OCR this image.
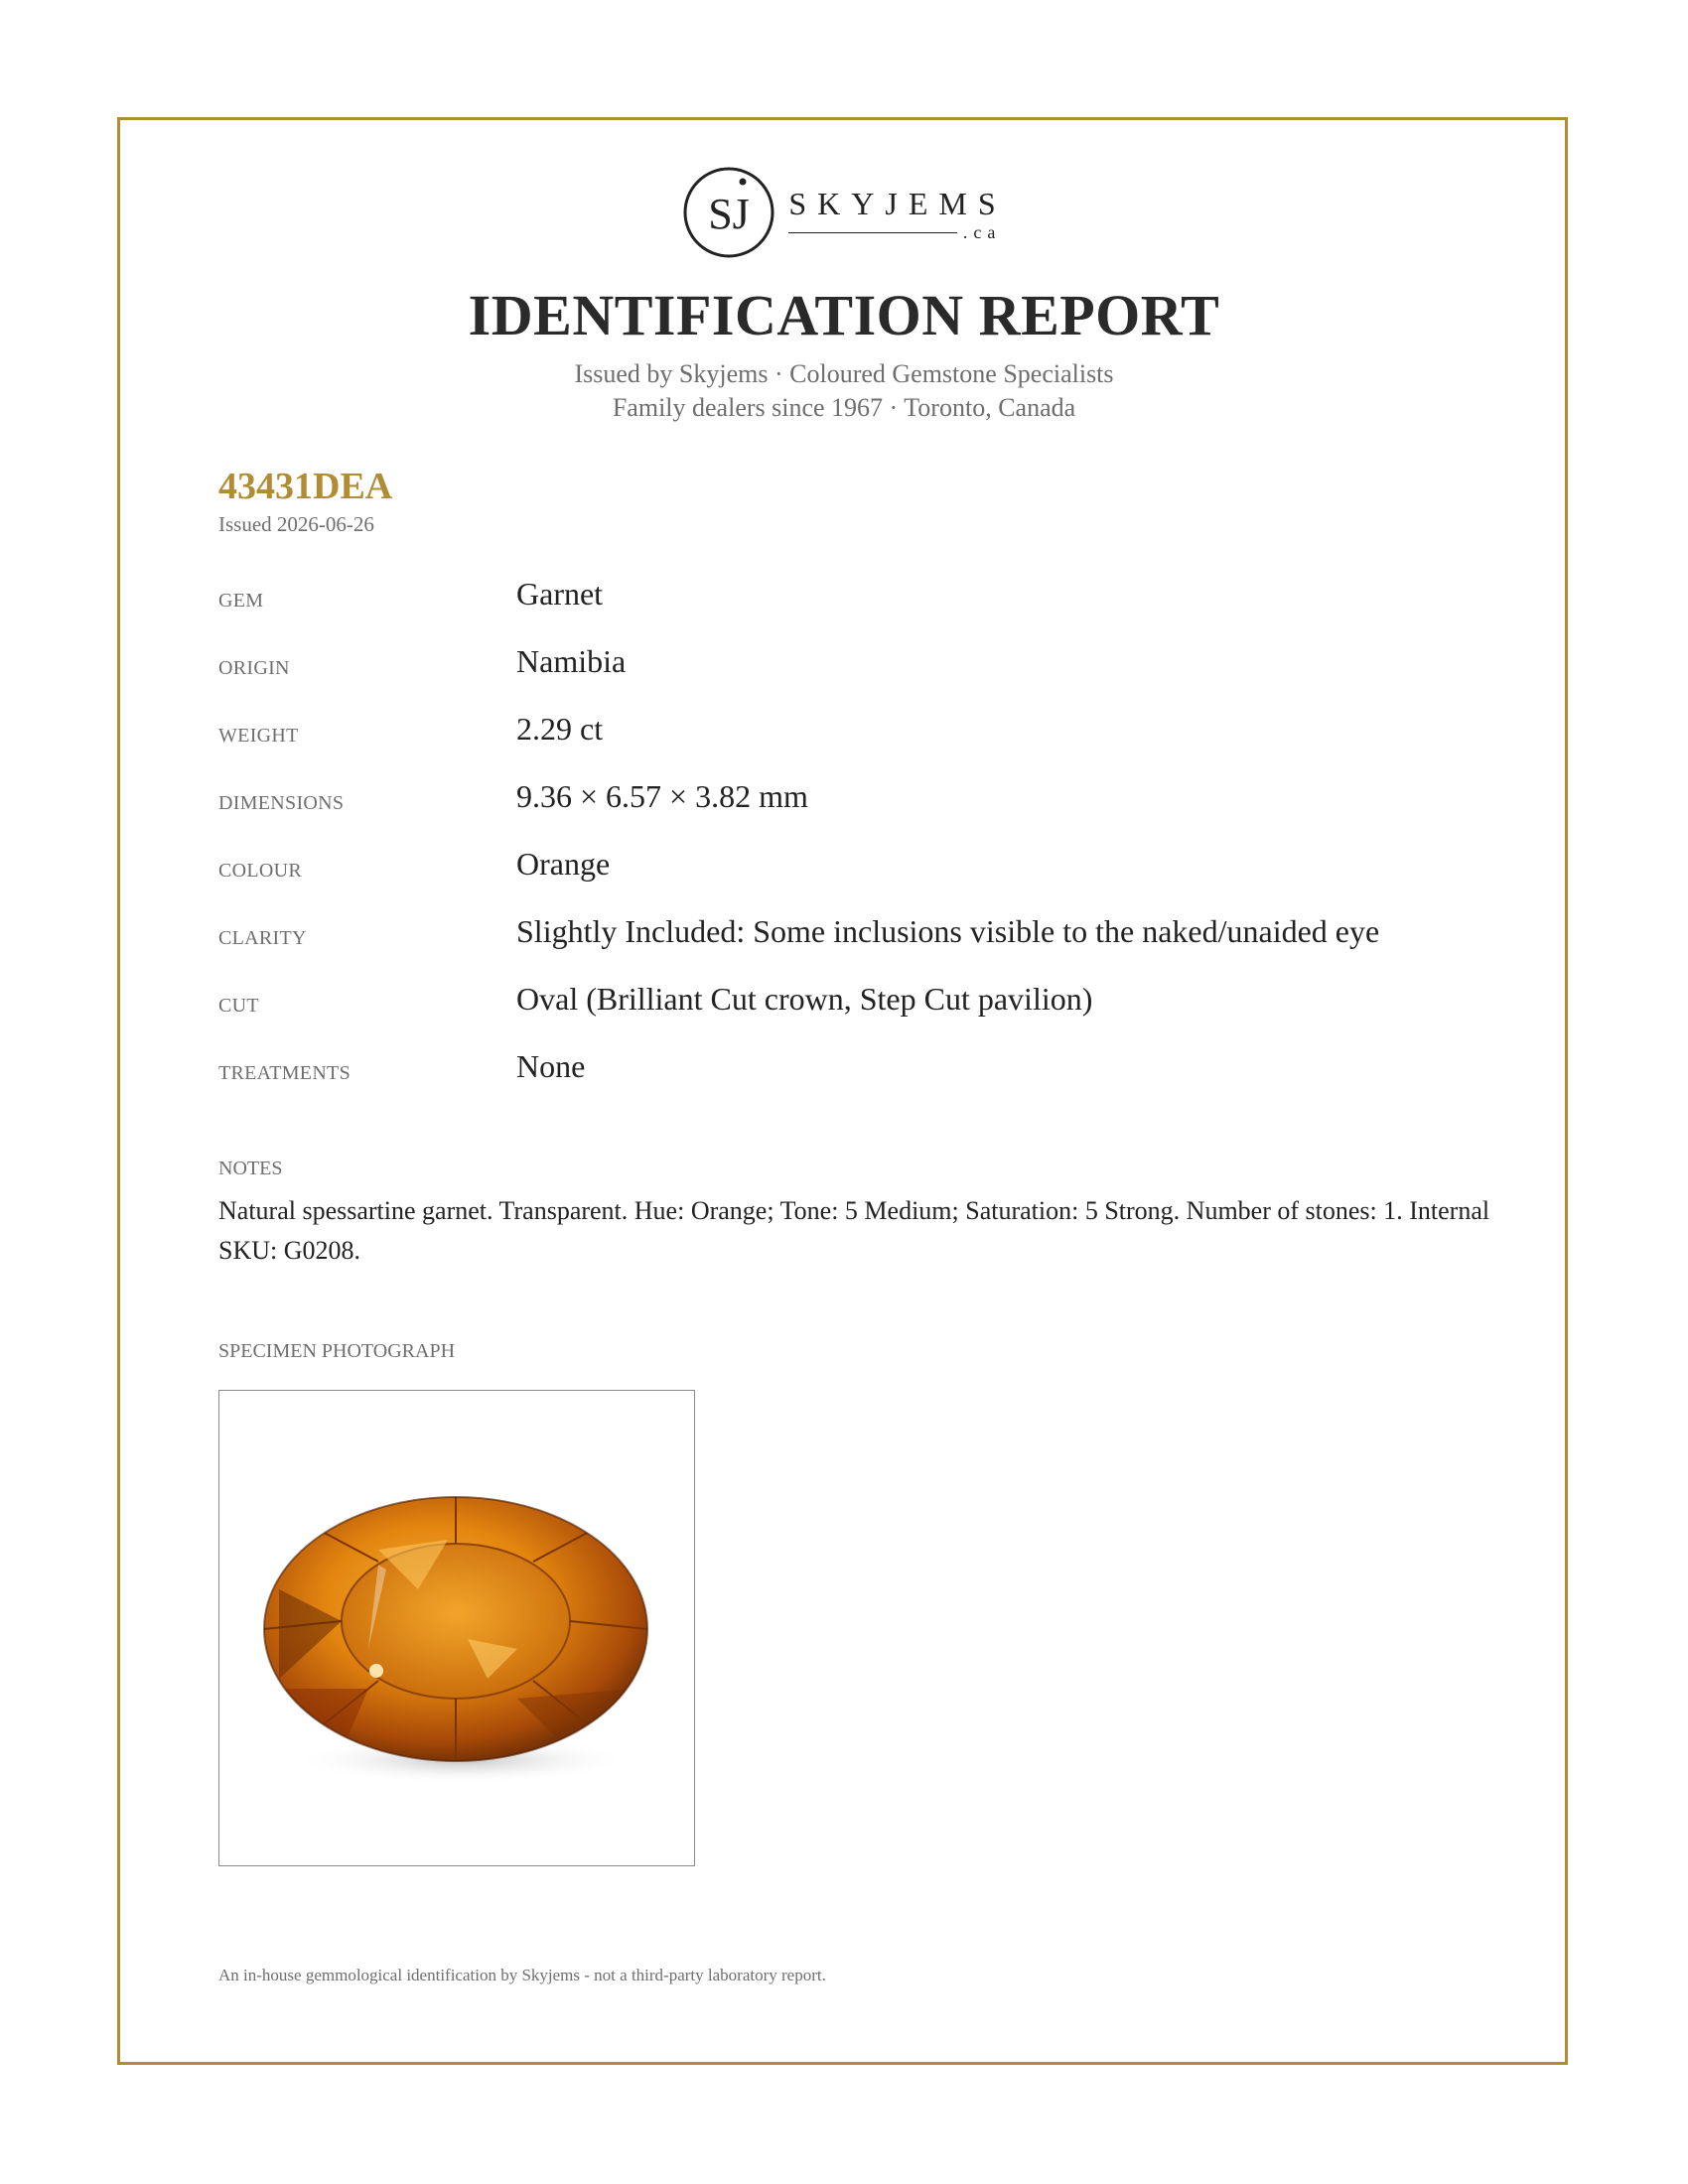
SJ SKYJEMS
.ca
IDENTIFICATION REPORT
Issued by Skyjems · Coloured Gemstone Specialists
Family dealers since 1967 · Toronto, Canada
43431DEA
Issued 2026-06-26
GEM	Garnet
ORIGIN	Namibia
WEIGHT	2.29 ct
DIMENSIONS	9.36 × 6.57 × 3.82 mm
COLOUR	Orange
CLARITY	Slightly Included: Some inclusions visible to the naked/unaided eye
CUT	Oval (Brilliant Cut crown, Step Cut pavilion)
TREATMENTS	None
NOTES
Natural spessartine garnet. Transparent. Hue: Orange; Tone: 5 Medium; Saturation: 5 Strong. Number of stones: 1. Internal SKU: G0208.
SPECIMEN PHOTOGRAPH
An in-house gemmological identification by Skyjems - not a third-party laboratory report.
